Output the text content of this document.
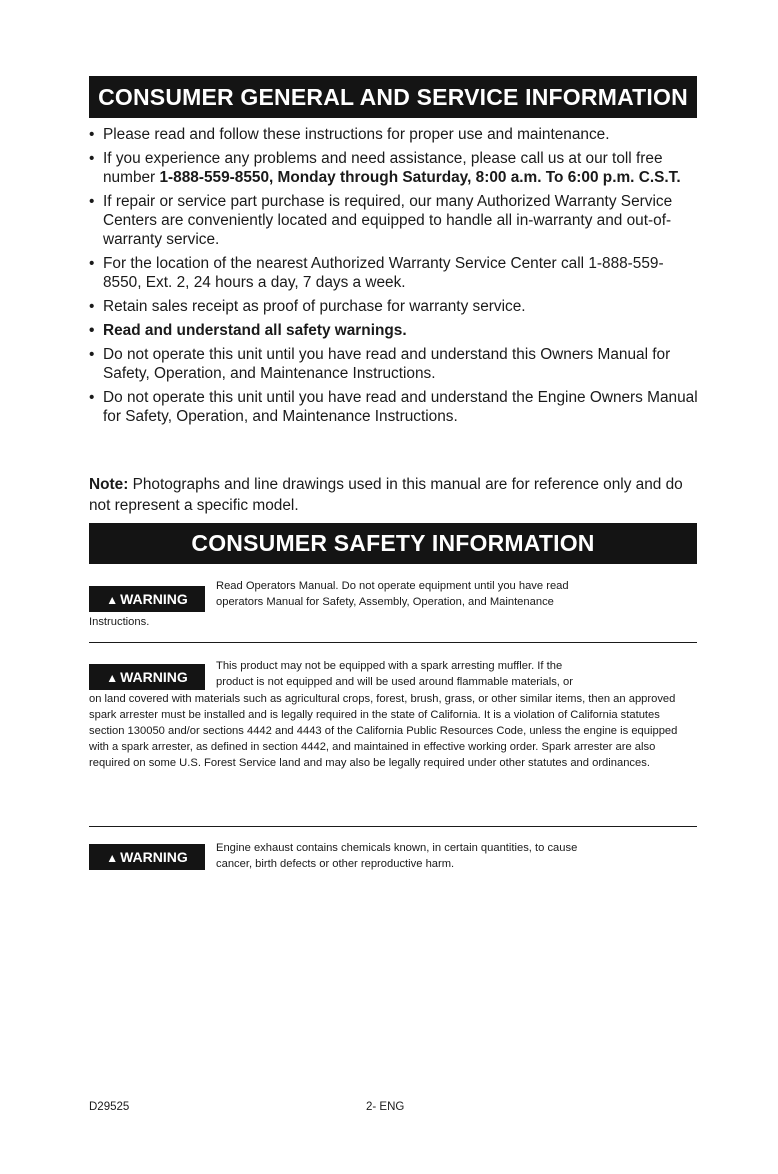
CONSUMER GENERAL AND SERVICE INFORMATION
• Please read and follow these instructions for proper use and maintenance.
• If you experience any problems and need assistance, please call us at our toll free number 1-888-559-8550, Monday through Saturday, 8:00 a.m. To 6:00 p.m. C.S.T.
• If repair or service part purchase is required, our many Authorized Warranty Service Centers are conveniently located and equipped to handle all in-warranty and out-of-warranty service.
• For the location of the nearest Authorized Warranty Service Center call 1-888-559-8550, Ext. 2, 24 hours a day, 7 days a week.
• Retain sales receipt as proof of purchase for warranty service.
• Read and understand all safety warnings.
• Do not operate this unit until you have read and understand this Owners Manual for Safety, Operation, and Maintenance Instructions.
• Do not operate this unit until you have read and understand the Engine Owners Manual for Safety, Operation, and Maintenance Instructions.
Note: Photographs and line drawings used in this manual are for reference only and do not represent a specific model.
CONSUMER SAFETY INFORMATION
▲ WARNING
Read Operators Manual. Do not operate equipment until you have read
operators Manual for Safety, Assembly, Operation, and Maintenance
Instructions.
▲ WARNING
This product may not be equipped with a spark arresting muffler. If the
product is not equipped and will be used around flammable materials, or
on land covered with materials such as agricultural crops, forest, brush, grass, or other similar items, then an approved spark arrester must be installed and is legally required in the state of California. It is a violation of California statutes section 130050 and/or sections 4442 and 4443 of the California Public Resources Code, unless the engine is equipped with a spark arrester, as defined in section 4442, and maintained in effective working order. Spark arrester are also required on some U.S. Forest Service land and may also be legally required under other statutes and ordinances.
▲ WARNING
Engine exhaust contains chemicals known, in certain quantities, to cause
cancer, birth defects or other reproductive harm.
D29525	2- ENG
